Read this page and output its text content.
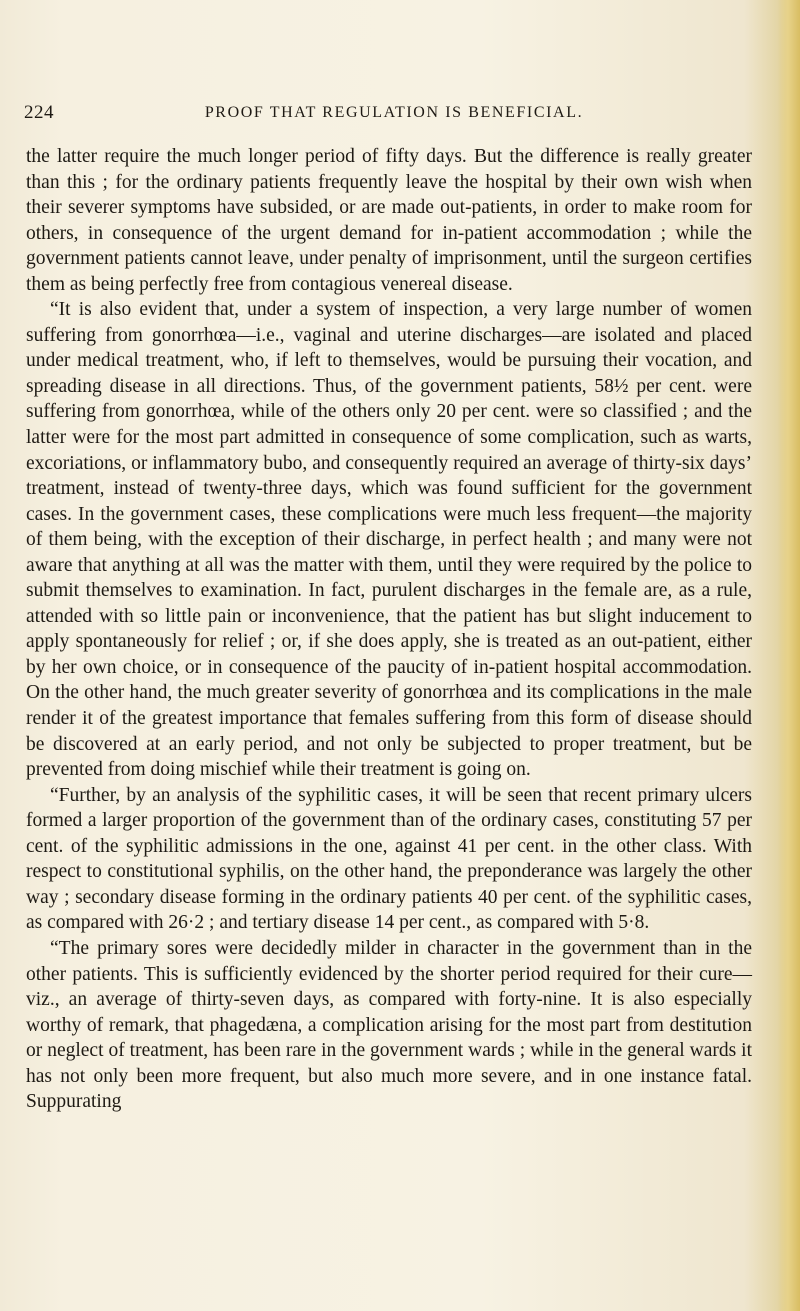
224	PROOF THAT REGULATION IS BENEFICIAL.

the latter require the much longer period of fifty days. But the difference is really greater than this ; for the ordinary patients frequently leave the hospital by their own wish when their severer symptoms have subsided, or are made out-patients, in order to make room for others, in consequence of the urgent demand for in-patient accommodation ; while the government patients cannot leave, under penalty of imprisonment, until the surgeon certifies them as being perfectly free from contagious venereal disease.

“It is also evident that, under a system of inspection, a very large number of women suffering from gonorrhœa—i.e., vaginal and uterine discharges—are isolated and placed under medical treatment, who, if left to themselves, would be pursuing their vocation, and spreading disease in all directions. Thus, of the government patients, 58½ per cent. were suffering from gonorrhœa, while of the others only 20 per cent. were so classified ; and the latter were for the most part admitted in consequence of some complication, such as warts, excoriations, or inflammatory bubo, and consequently required an average of thirty-six days’ treatment, instead of twenty-three days, which was found sufficient for the government cases. In the government cases, these complications were much less frequent—the majority of them being, with the exception of their discharge, in perfect health ; and many were not aware that anything at all was the matter with them, until they were required by the police to submit themselves to examination. In fact, purulent discharges in the female are, as a rule, attended with so little pain or inconvenience, that the patient has but slight inducement to apply spontaneously for relief ; or, if she does apply, she is treated as an out-patient, either by her own choice, or in consequence of the paucity of in-patient hospital accommodation. On the other hand, the much greater severity of gonorrhœa and its complications in the male render it of the greatest importance that females suffering from this form of disease should be discovered at an early period, and not only be subjected to proper treatment, but be prevented from doing mischief while their treatment is going on.

“Further, by an analysis of the syphilitic cases, it will be seen that recent primary ulcers formed a larger proportion of the government than of the ordinary cases, constituting 57 per cent. of the syphilitic admissions in the one, against 41 per cent. in the other class. With respect to constitutional syphilis, on the other hand, the preponderance was largely the other way ; secondary disease forming in the ordinary patients 40 per cent. of the syphilitic cases, as compared with 26·2 ; and tertiary disease 14 per cent., as compared with 5·8.

“The primary sores were decidedly milder in character in the government than in the other patients. This is sufficiently evidenced by the shorter period required for their cure—viz., an average of thirty-seven days, as compared with forty-nine. It is also especially worthy of remark, that phagedæna, a complication arising for the most part from destitution or neglect of treatment, has been rare in the government wards ; while in the general wards it has not only been more frequent, but also much more severe, and in one instance fatal. Suppurating
